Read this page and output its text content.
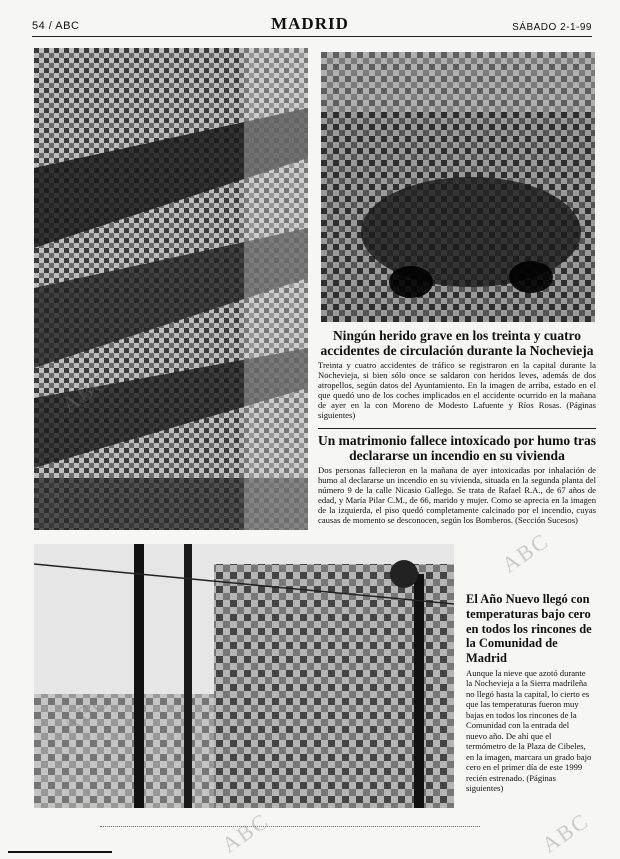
54 / ABC	MADRID	SÁBADO 2-1-99
Ningún herido grave en los treinta y cuatro accidentes de circulación durante la Nochevieja

Treinta y cuatro accidentes de tráfico se registraron en la capital durante la Nochevieja, si bien sólo once se saldaron con heridos leves, además de dos atropellos, según datos del Ayuntamiento. En la imagen de arriba, estado en el que quedó uno de los coches implicados en el accidente ocurrido en la mañana de ayer en la con Moreno de Modesto Lafuente y Ríos Rosas. (Páginas siguientes)

Un matrimonio fallece intoxicado por humo tras declararse un incendio en su vivienda

Dos personas fallecieron en la mañana de ayer intoxicadas por inhalación de humo al declararse un incendio en su vivienda, situada en la segunda planta del número 9 de la calle Nicasio Gallego. Se trata de Rafael R.A., de 67 años de edad, y María Pilar C.M., de 66, marido y mujer. Como se aprecia en la imagen de la izquierda, el piso quedó completamente calcinado por el incendio, cuyas causas de momento se desconocen, según los Bomberos. (Sección Sucesos)

El Año Nuevo llegó con temperaturas bajo cero en todos los rincones de la Comunidad de Madrid

Aunque la nieve que azotó durante la Nochevieja a la Sierra madrileña no llegó hasta la capital, lo cierto es que las temperaturas fueron muy bajas en todos los rincones de la Comunidad con la entrada del nuevo año. De ahí que el termómetro de la Plaza de Cibeles, en la imagen, marcara un grado bajo cero en el primer día de este 1999 recién estrenado. (Páginas siguientes)

ABC
ABC
ABC
ABC	ABC
